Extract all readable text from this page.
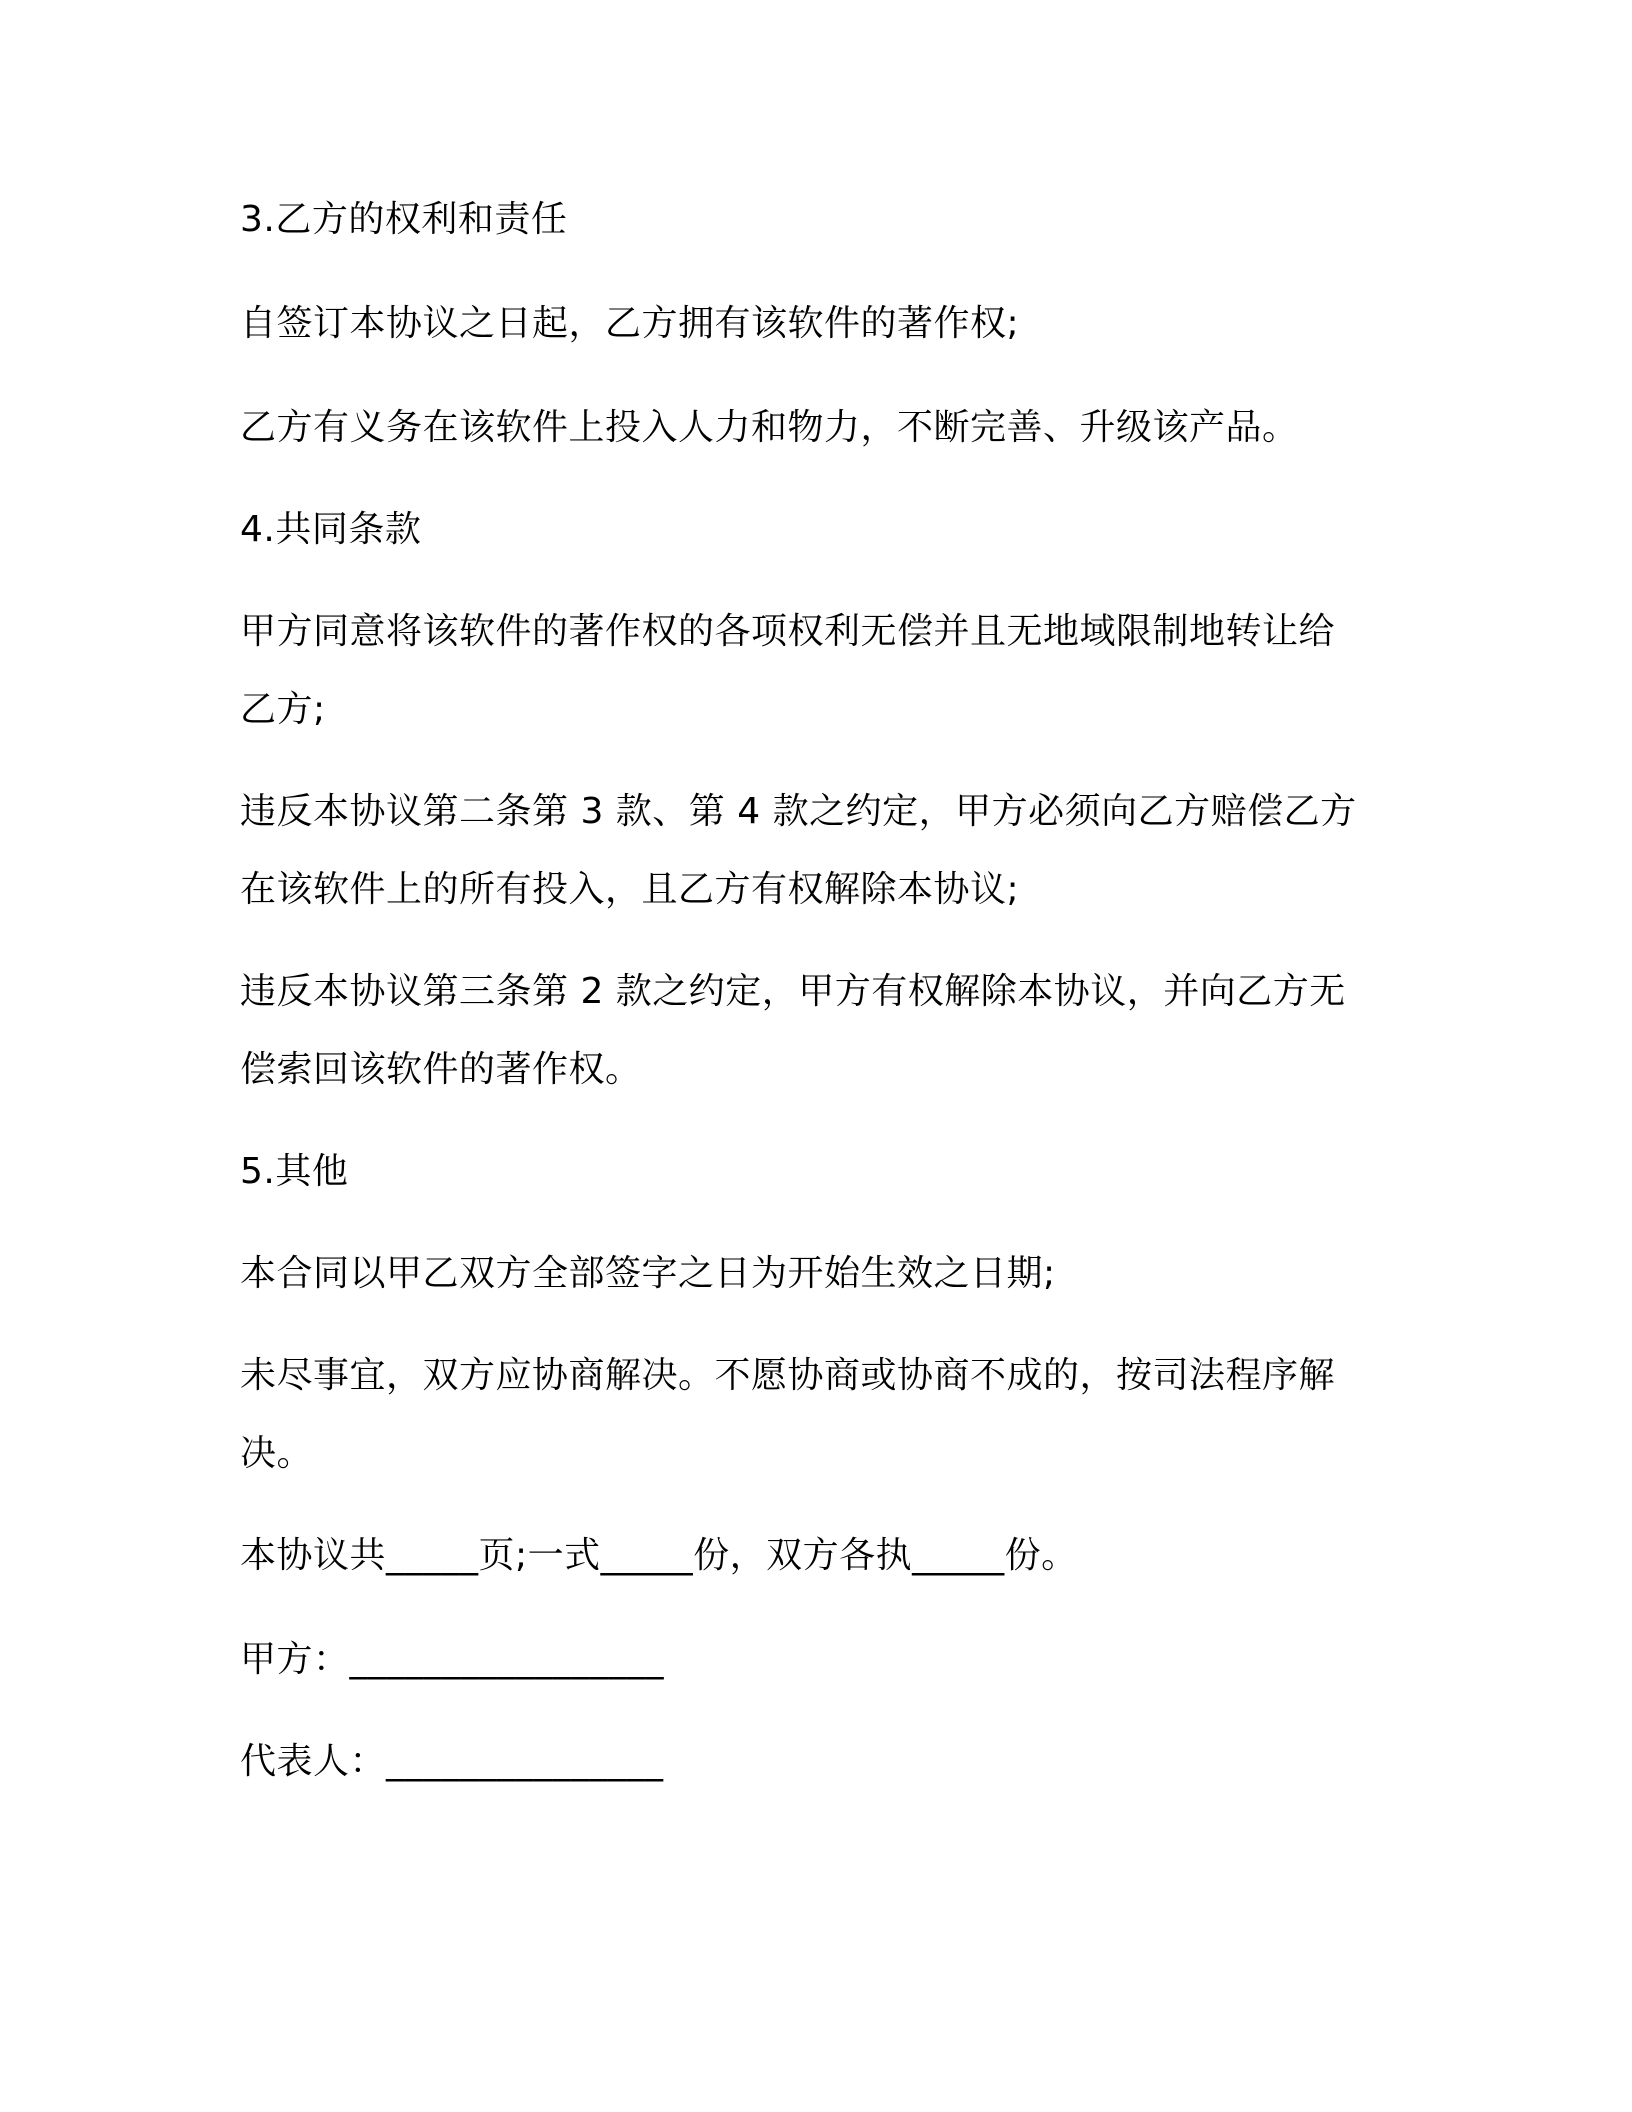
3.乙方的权利和责任
自签订本协议之日起，乙方拥有该软件的著作权;
乙方有义务在该软件上投入人力和物力，不断完善、升级该产品。
4.共同条款
甲方同意将该软件的著作权的各项权利无偿并且无地域限制地转让给
乙方;
违反本协议第二条第 3 款、第 4 款之约定，甲方必须向乙方赔偿乙方
在该软件上的所有投入，且乙方有权解除本协议;
违反本协议第三条第 2 款之约定，甲方有权解除本协议，并向乙方无
偿索回该软件的著作权。
5.其他
本合同以甲乙双方全部签字之日为开始生效之日期;
未尽事宜，双方应协商解决。不愿协商或协商不成的，按司法程序解
决。
本协议共_____页;一式_____份，双方各执_____份。
甲方：_________________
代表人：_______________
